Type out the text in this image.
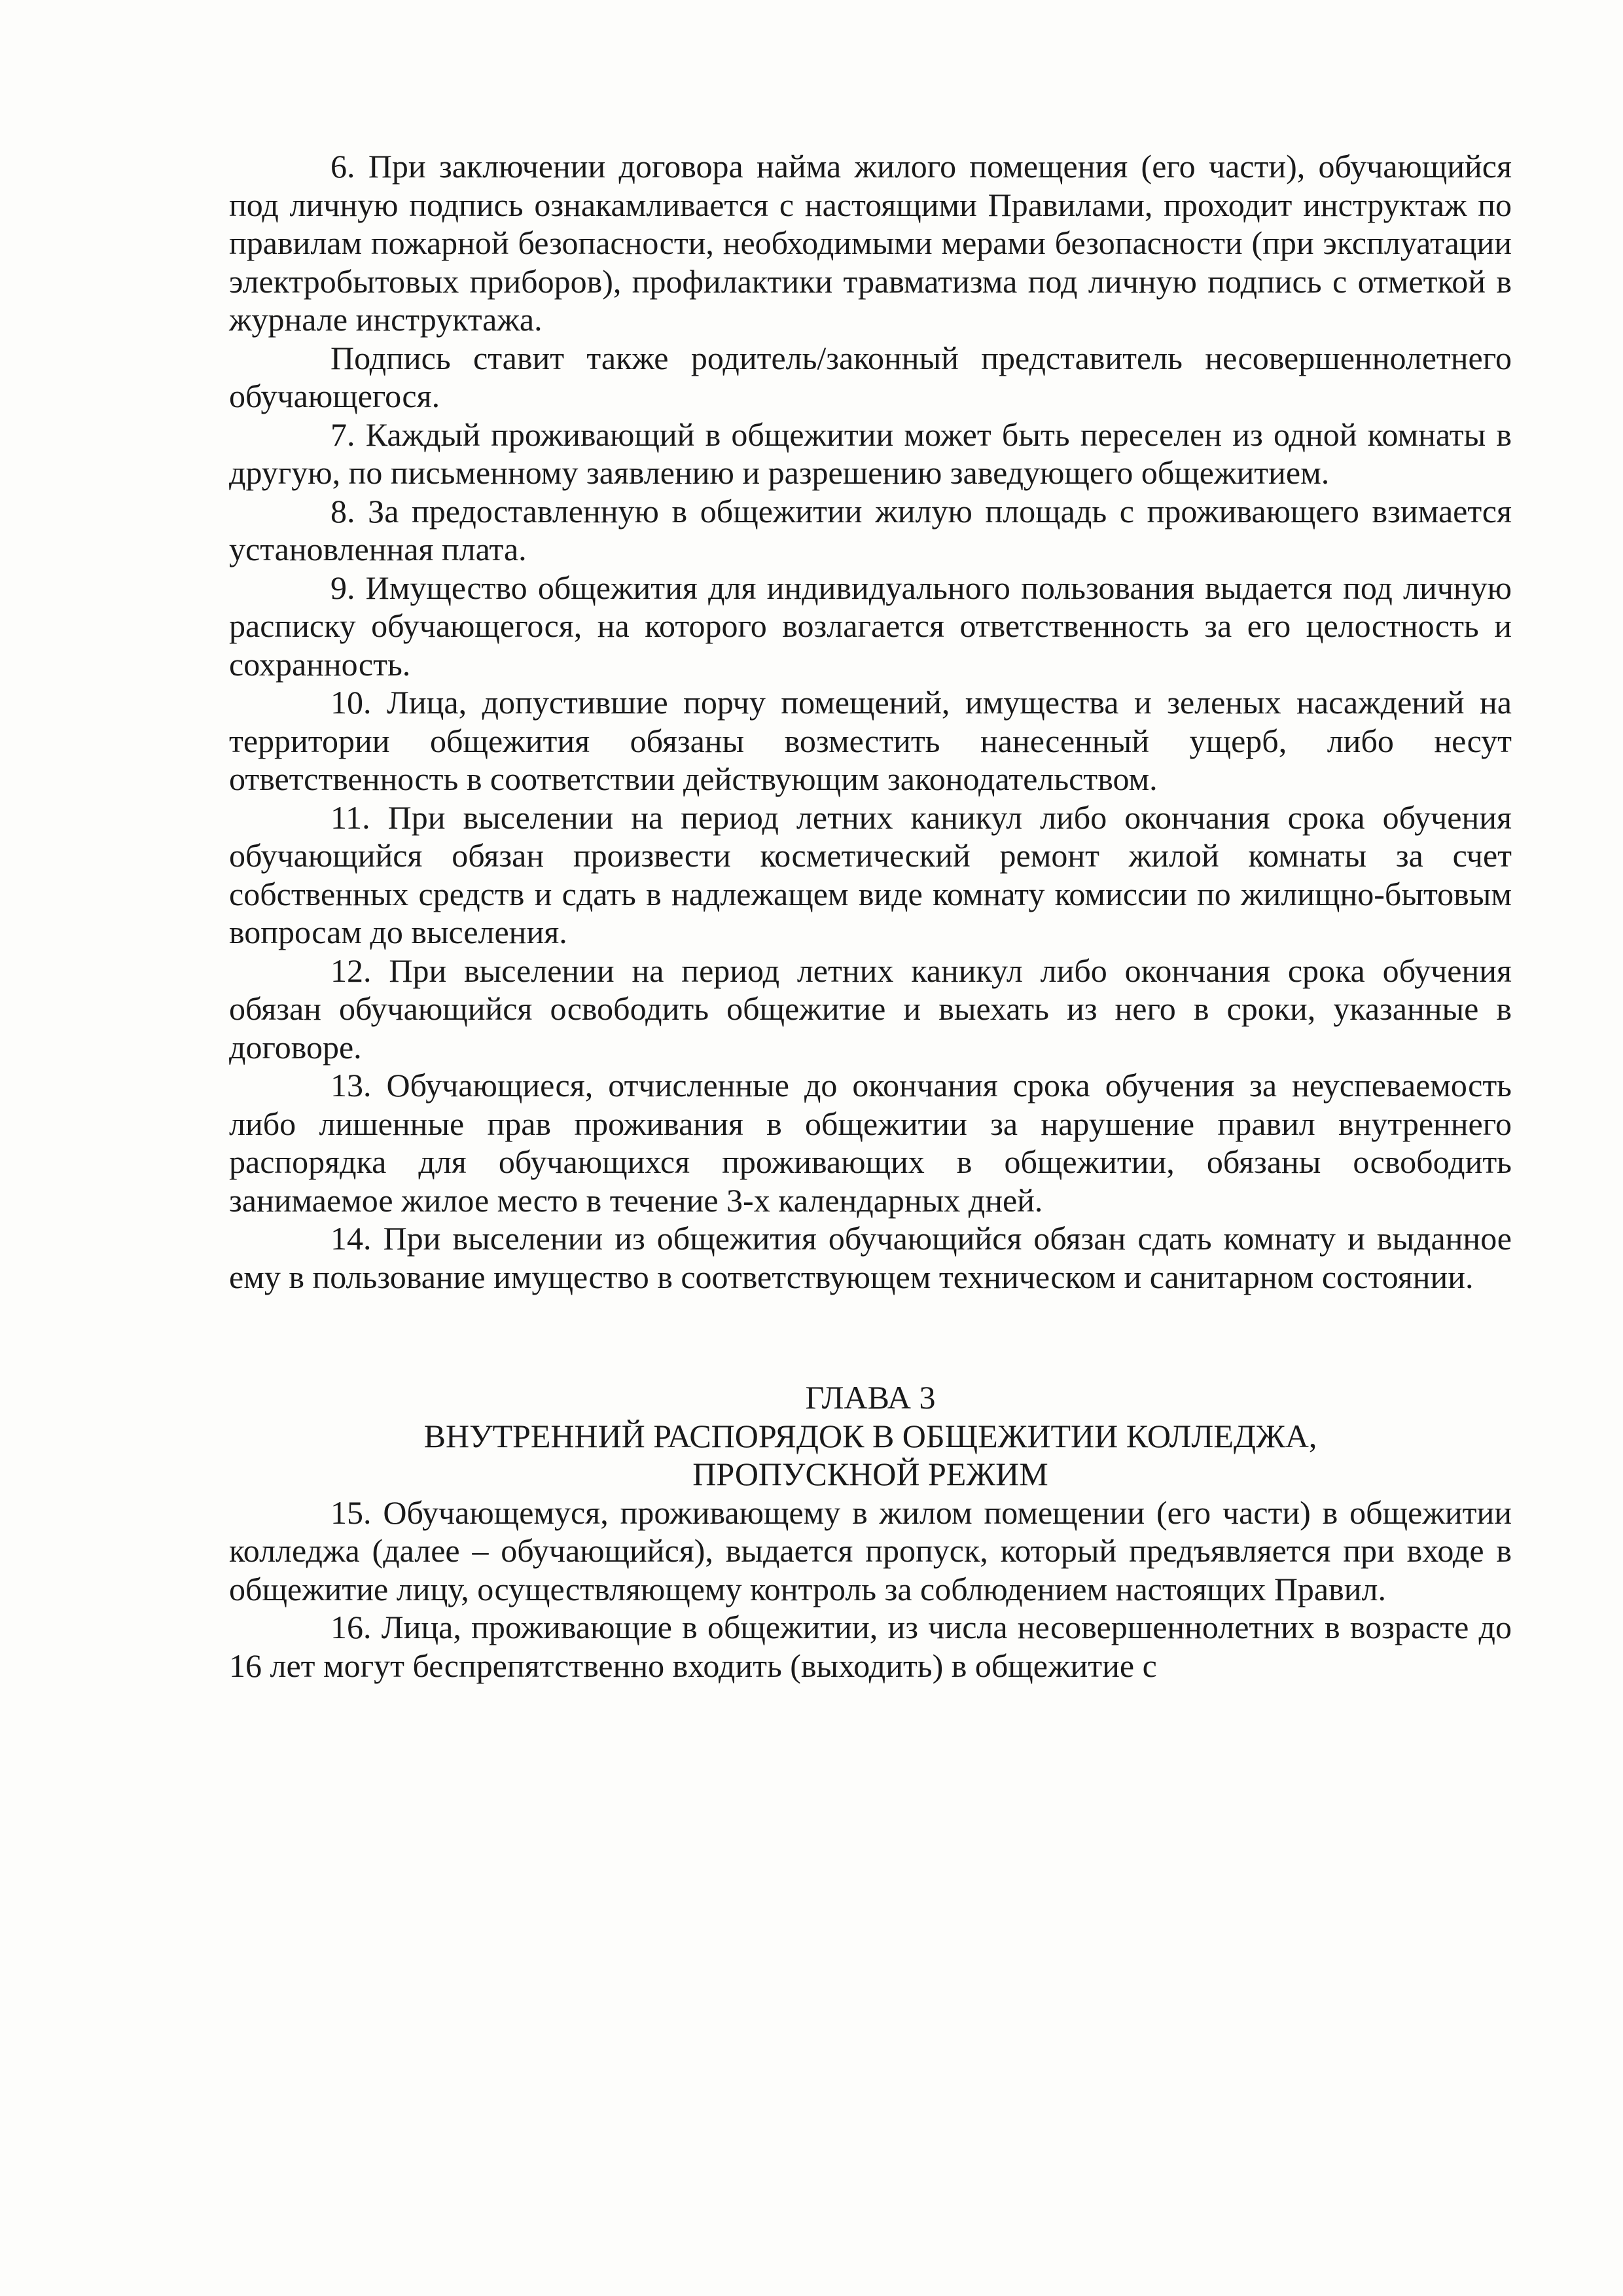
6. При заключении договора найма жилого помещения (его части), обучающийся под личную подпись ознакамливается с настоящими Правилами, проходит инструктаж по правилам пожарной безопасности, необходимыми мерами безопасности (при эксплуатации электробытовых приборов), профилактики травматизма под личную подпись с отметкой в журнале инструктажа.

Подпись ставит также родитель/законный представитель несовершеннолетнего обучающегося.

7. Каждый проживающий в общежитии может быть переселен из одной комнаты в другую, по письменному заявлению и разрешению заведующего общежитием.

8. За предоставленную в общежитии жилую площадь с проживающего взимается установленная плата.

9. Имущество общежития для индивидуального пользования выдается под личную расписку обучающегося, на которого возлагается ответственность за его целостность и сохранность.

10. Лица, допустившие порчу помещений, имущества и зеленых насаждений на территории общежития обязаны возместить нанесенный ущерб, либо несут ответственность в соответствии действующим законодательством.

11. При выселении на период летних каникул либо окончания срока обучения обучающийся обязан произвести косметический ремонт жилой комнаты за счет собственных средств и сдать в надлежащем виде комнату комиссии по жилищно-бытовым вопросам до выселения.

12. При выселении на период летних каникул либо окончания срока обучения обязан обучающийся освободить общежитие и выехать из него в сроки, указанные в договоре.

13. Обучающиеся, отчисленные до окончания срока обучения за неуспеваемость либо лишенные прав проживания в общежитии за нарушение правил внутреннего распорядка для обучающихся проживающих в общежитии, обязаны освободить занимаемое жилое место в течение 3-х календарных дней.

14. При выселении из общежития обучающийся обязан сдать комнату и выданное ему в пользование имущество в соответствующем техническом и санитарном состоянии.

ГЛАВА 3

ВНУТРЕННИЙ РАСПОРЯДОК В ОБЩЕЖИТИИ КОЛЛЕДЖА,

ПРОПУСКНОЙ РЕЖИМ

15. Обучающемуся, проживающему в жилом помещении (его части) в общежитии колледжа (далее – обучающийся), выдается пропуск, который предъявляется при входе в общежитие лицу, осуществляющему контроль за соблюдением настоящих Правил.

16. Лица, проживающие в общежитии, из числа несовершеннолетних в возрасте до 16 лет могут беспрепятственно входить (выходить) в общежитие с
